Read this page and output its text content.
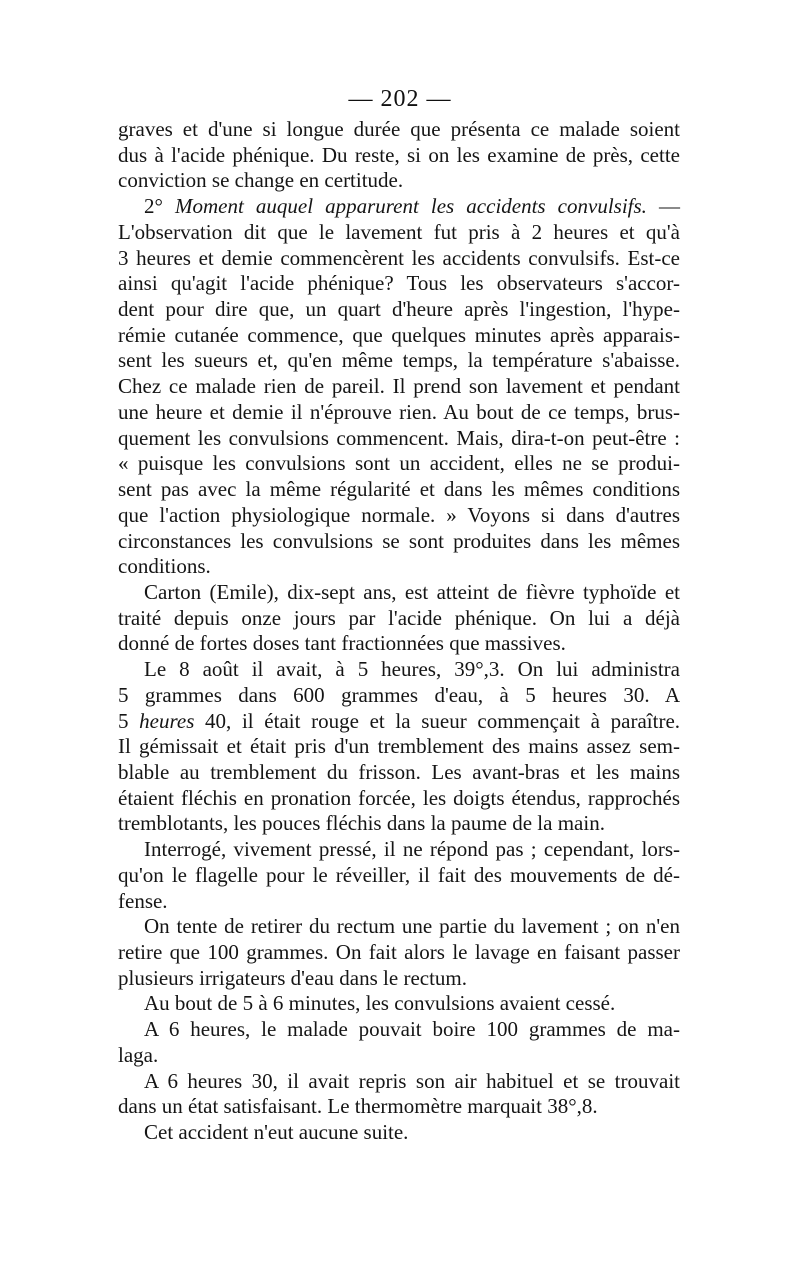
— 202 —
graves et d'une si longue durée que présenta ce malade soient
dus à l'acide phénique. Du reste, si on les examine de près, cette
conviction se change en certitude.
2° Moment auquel apparurent les accidents convulsifs. —
L'observation dit que le lavement fut pris à 2 heures et qu'à
3 heures et demie commencèrent les accidents convulsifs. Est-ce
ainsi qu'agit l'acide phénique? Tous les observateurs s'accor-
dent pour dire que, un quart d'heure après l'ingestion, l'hype-
rémie cutanée commence, que quelques minutes après apparais-
sent les sueurs et, qu'en même temps, la température s'abaisse.
Chez ce malade rien de pareil. Il prend son lavement et pendant
une heure et demie il n'éprouve rien. Au bout de ce temps, brus-
quement les convulsions commencent. Mais, dira-t-on peut-être :
« puisque les convulsions sont un accident, elles ne se produi-
sent pas avec la même régularité et dans les mêmes conditions
que l'action physiologique normale. » Voyons si dans d'autres
circonstances les convulsions se sont produites dans les mêmes
conditions.
Carton (Emile), dix-sept ans, est atteint de fièvre typhoïde et
traité depuis onze jours par l'acide phénique. On lui a déjà
donné de fortes doses tant fractionnées que massives.
Le 8 août il avait, à 5 heures, 39°,3. On lui administra
5 grammes dans 600 grammes d'eau, à 5 heures 30. A
5 heures 40, il était rouge et la sueur commençait à paraître.
Il gémissait et était pris d'un tremblement des mains assez sem-
blable au tremblement du frisson. Les avant-bras et les mains
étaient fléchis en pronation forcée, les doigts étendus, rapprochés
tremblotants, les pouces fléchis dans la paume de la main.
Interrogé, vivement pressé, il ne répond pas ; cependant, lors-
qu'on le flagelle pour le réveiller, il fait des mouvements de dé-
fense.
On tente de retirer du rectum une partie du lavement ; on n'en
retire que 100 grammes. On fait alors le lavage en faisant passer
plusieurs irrigateurs d'eau dans le rectum.
Au bout de 5 à 6 minutes, les convulsions avaient cessé.
A 6 heures, le malade pouvait boire 100 grammes de ma-
laga.
A 6 heures 30, il avait repris son air habituel et se trouvait
dans un état satisfaisant. Le thermomètre marquait 38°,8.
Cet accident n'eut aucune suite.
